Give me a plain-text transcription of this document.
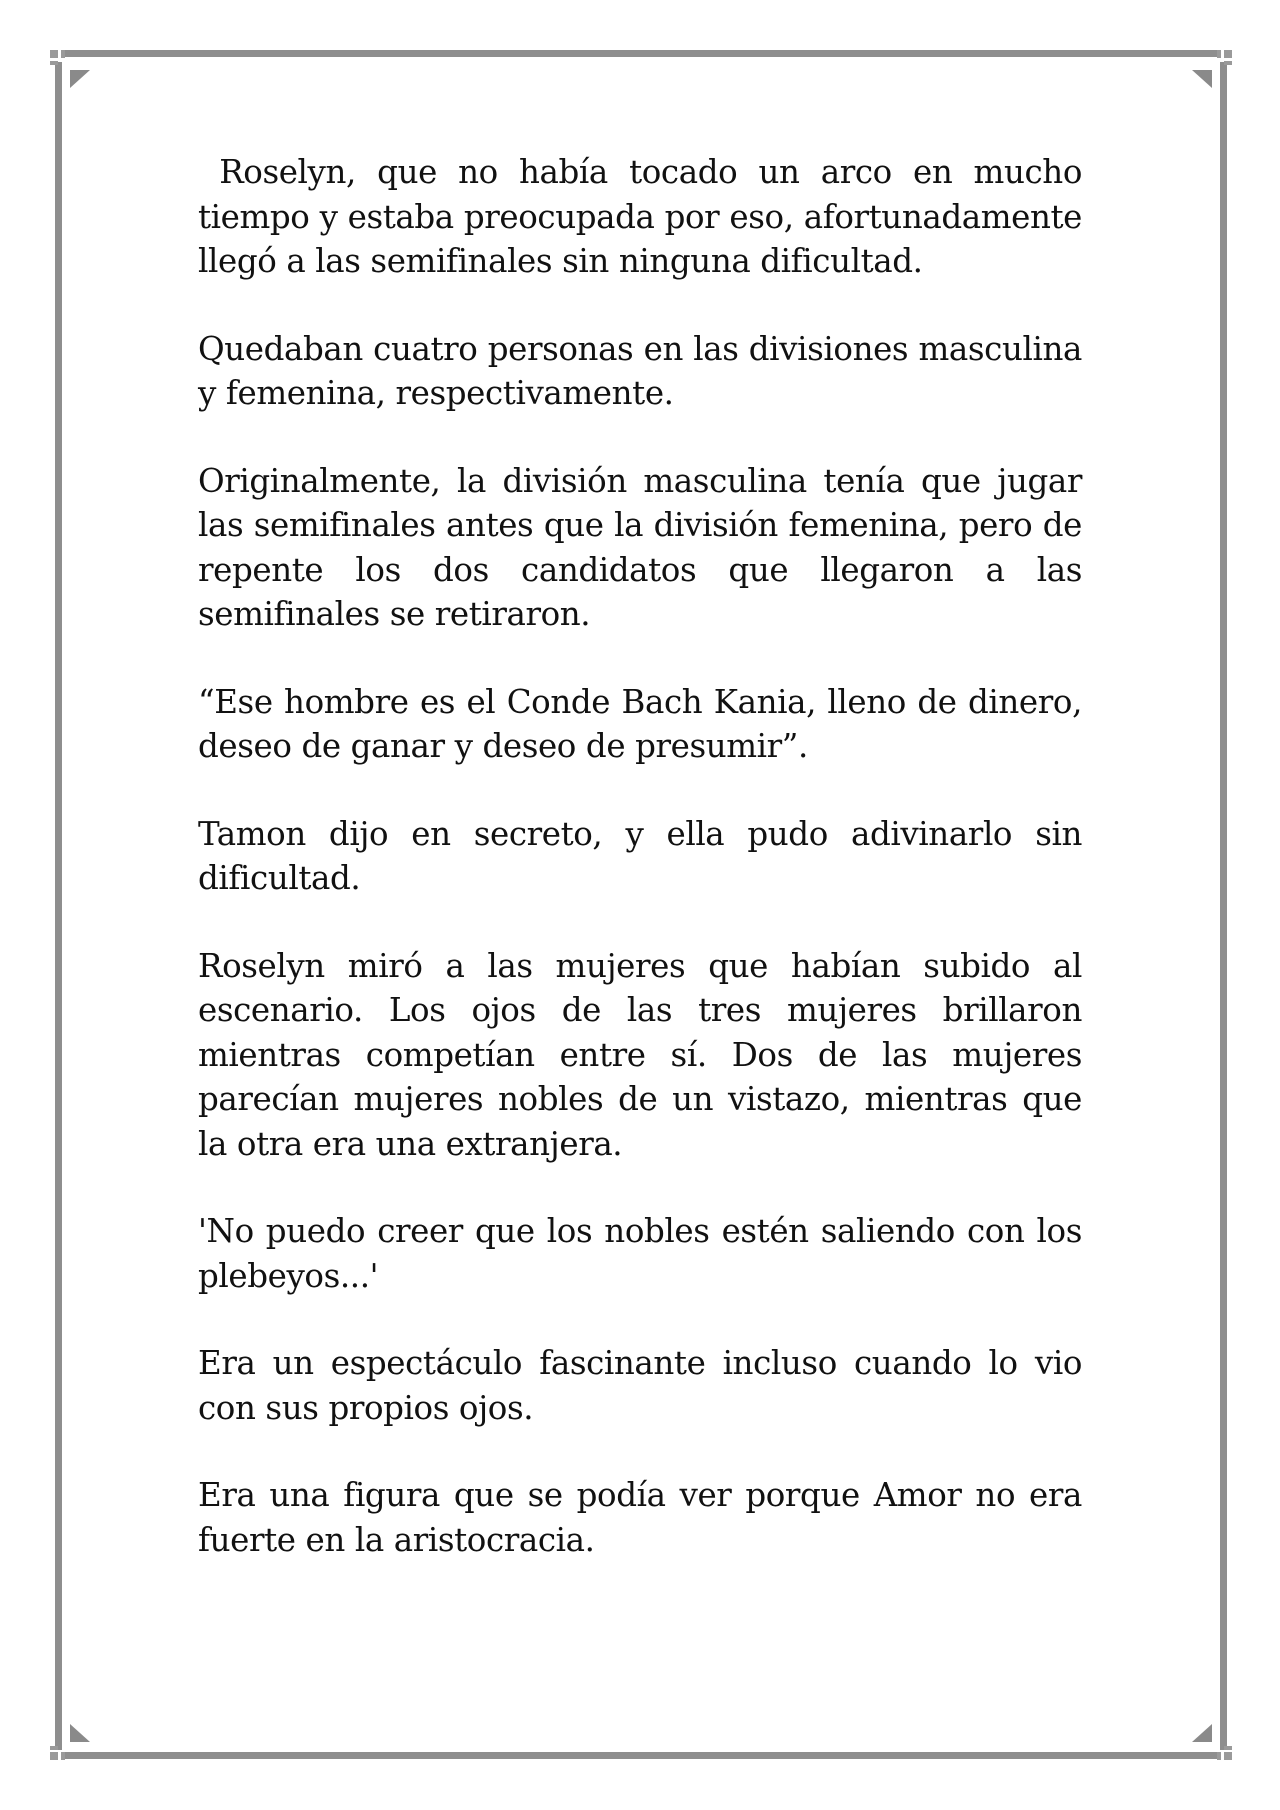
Roselyn, que no había tocado un arco en mucho tiempo y estaba preocupada por eso, afortunadamente llegó a las semifinales sin ninguna dificultad.

Quedaban cuatro personas en las divisiones masculina y femenina, respectivamente.

Originalmente, la división masculina tenía que jugar las semifinales antes que la división femenina, pero de repente los dos candidatos que llegaron a las semifinales se retiraron.

“Ese hombre es el Conde Bach Kania, lleno de dinero, deseo de ganar y deseo de presumir”.

Tamon dijo en secreto, y ella pudo adivinarlo sin dificultad.

Roselyn miró a las mujeres que habían subido al escenario. Los ojos de las tres mujeres brillaron mientras competían entre sí. Dos de las mujeres parecían mujeres nobles de un vistazo, mientras que la otra era una extranjera.

'No puedo creer que los nobles estén saliendo con los plebeyos...'

Era un espectáculo fascinante incluso cuando lo vio con sus propios ojos.

Era una figura que se podía ver porque Amor no era fuerte en la aristocracia.
